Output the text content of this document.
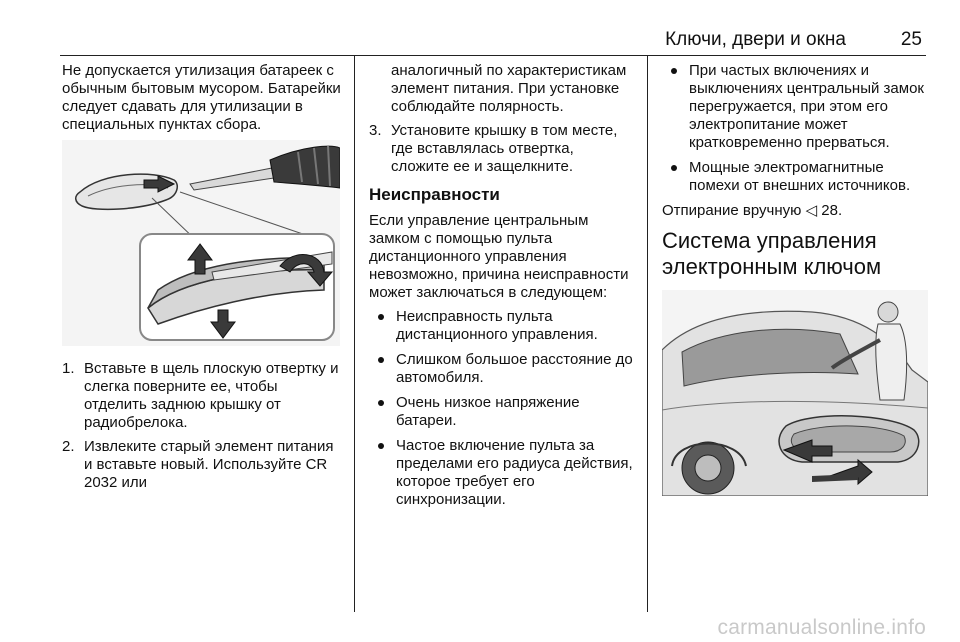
Ключи, двери и окна	25

Не допускается утилизация батареек с обычным бытовым мусором. Батарейки следует сдавать для утилизации в специальных пунктах сбора.

1. Вставьте в щель плоскую отвертку и слегка поверните ее, чтобы отделить заднюю крышку от радиобрелока.
2. Извлеките старый элемент питания и вставьте новый. Используйте CR 2032 или

аналогичный по характеристикам элемент питания. При установке соблюдайте полярность.

3. Установите крышку в том месте, где вставлялась отвертка, сложите ее и защелкните.
Неисправности

Если управление центральным замком с помощью пульта дистанционного управления невозможно, причина неисправности может заключаться в следующем:

Неисправность пульта дистанционного управления.
Слишком большое расстояние до автомобиля.
Очень низкое напряжение батареи.
Частое включение пульта за пределами его радиуса действия, которое требует его синхронизации.
При частых включениях и выключениях центральный замок перегружается, при этом его электропитание может кратковременно прерваться.
Мощные электромагнитные помехи от внешних источников.

Отпирание вручную ◁ 28.

Система управления электронным ключом
carmanualsonline.info
